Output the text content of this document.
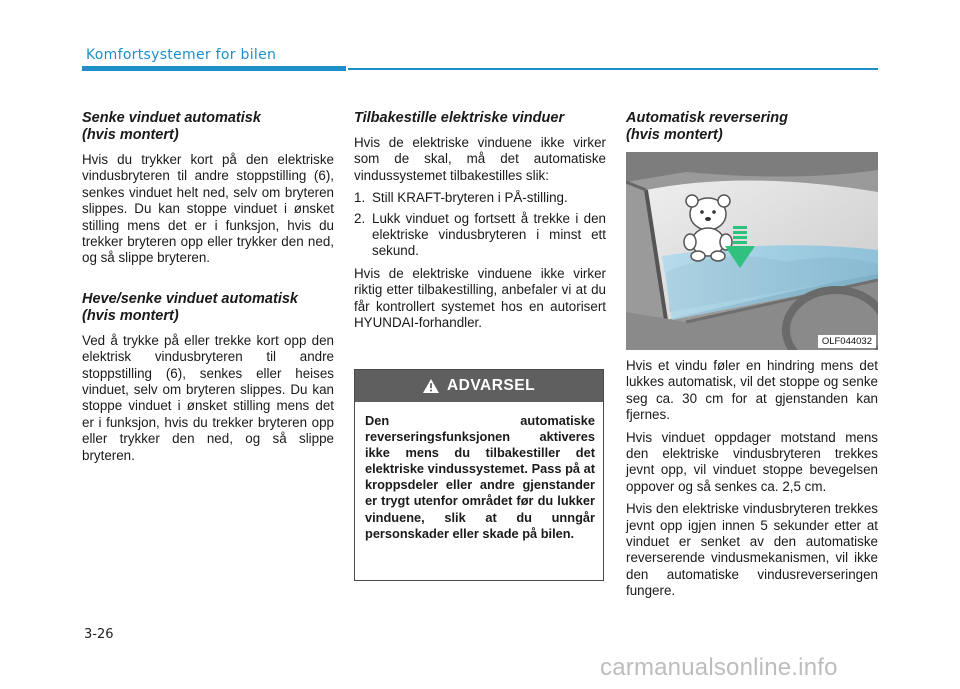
Komfortsystemer for bilen
Senke vinduet automatisk
(hvis montert)

Hvis du trykker kort på den elektriske vindusbryteren til andre stoppstilling (6), senkes vinduet helt ned, selv om bryteren slippes. Du kan stoppe vinduet i ønsket stilling mens det er i funksjon, hvis du trekker bryteren opp eller trykker den ned, og så slippe bryteren.

Heve/senke vinduet automatisk
(hvis montert)

Ved å trykke på eller trekke kort opp den elektrisk vindusbryteren til andre stoppstilling (6), senkes eller heises vinduet, selv om bryteren slippes. Du kan stoppe vinduet i ønsket stilling mens det er i funksjon, hvis du trekker bryteren opp eller trykker den ned, og så slippe bryteren.

Tilbakestille elektriske vinduer

Hvis de elektriske vinduene ikke virker som de skal, må det automatiske vindussystemet tilbakestilles slik:

1. Still KRAFT-bryteren i PÅ-stilling.
2. Lukk vinduet og fortsett å trekke i den elektriske vindusbryteren i minst ett sekund.

Hvis de elektriske vinduene ikke virker riktig etter tilbakestilling, anbefaler vi at du får kontrollert systemet hos en autorisert HYUNDAI-forhandler.

ADVARSEL
Den automatiske reverseringsfunksjonen aktiveres ikke mens du tilbakestiller det elektriske vindussystemet. Pass på at kroppsdeler eller andre gjenstander er trygt utenfor området før du lukker vinduene, slik at du unngår personskader eller skade på bilen.
Automatisk reversering
(hvis montert)
OLF044032

Hvis et vindu føler en hindring mens det lukkes automatisk, vil det stoppe og senke seg ca. 30 cm for at gjenstanden kan fjernes.

Hvis vinduet oppdager motstand mens den elektriske vindusbryteren trekkes jevnt opp, vil vinduet stoppe bevegelsen oppover og så senkes ca. 2,5 cm.

Hvis den elektriske vindusbryteren trekkes jevnt opp igjen innen 5 sekunder etter at vinduet er senket av den automatiske reverserende vindusmekanismen, vil ikke den automatiske vindusreverseringen fungere.

3-26
carmanualsonline.info
